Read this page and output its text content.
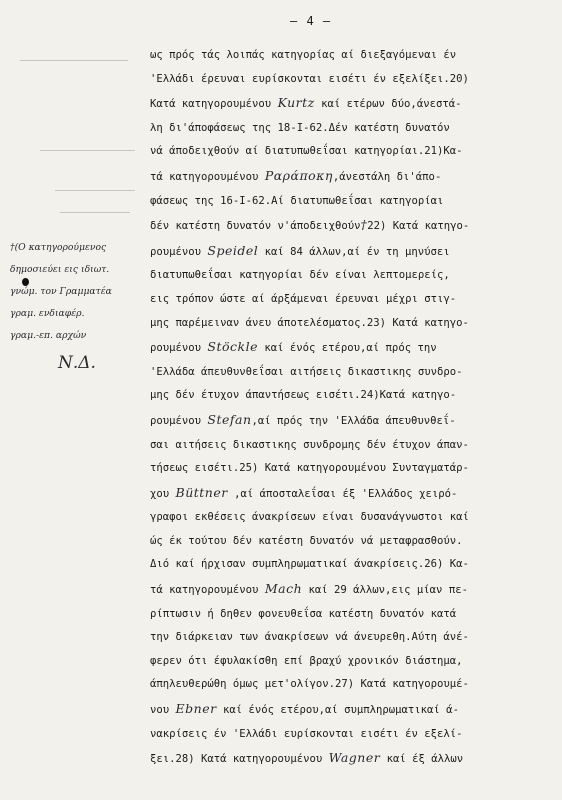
— 4 —
ως πρός τάς λοιπάς κατηγορίας αί διεξαγόμεναι έν
'Ελλάδι έρευναι ευρίσκονται εισέτι έν εξελίξει.20)
Κατά κατηγορουμένου Kurtz καί ετέρων δύο,άνεστά-
λη δι'άποφάσεως της 18-I-62.Δέν κατέστη δυνατόν
νά άποδειχθούν αί διατυπωθεΐσαι κατηγορίαι.21)Κα-
τά κατηγορουμένου Ραράποκη,άνεστάλη δι'άπο-
φάσεως της 16-I-62.Αί διατυπωθεΐσαι κατηγορίαι
δέν κατέστη δυνατόν ν'άποδειχθούν†22) Κατά κατηγο-
ρουμένου Speidel καί 84 άλλων,αί έν τη μηνύσει
διατυπωθεΐσαι κατηγορίαι δέν είναι λεπτομερείς,
εις τρόπον ώστε αί άρξάμεναι έρευναι μέχρι στιγ-
μης παρέμειναν άνευ άποτελέσματος.23) Κατά κατηγο-
ρουμένου Stöckle καί ένός ετέρου,αί πρός την
'Ελλάδα άπευθυνθεΐσαι αιτήσεις δικαστικης συνδρο-
μης δέν έτυχον άπαντήσεως εισέτι.24)Κατά κατηγο-
ρουμένου Stefan,αί πρός την 'Ελλάδα άπευθυνθεΐ-
σαι αιτήσεις δικαστικης συνδρομης δέν έτυχον άπαν-
τήσεως εισέτι.25) Κατά κατηγορουμένου Συνταγματάρ-
χου Büttner ,αί άποσταλεΐσαι έξ 'Ελλάδος χειρό-
γραφοι εκθέσεις άνακρίσεων είναι δυσανάγνωστοι καί
ώς έκ τούτου δέν κατέστη δυνατόν νά μεταφρασθούν.
Διό καί ήρχισαν συμπληρωματικαί άνακρίσεις.26) Κα-
τά κατηγορουμένου Mach καί 29 άλλων,εις μίαν πε-
ρίπτωσιν ή δηθεν φονευθεΐσα κατέστη δυνατόν κατά
την διάρκειαν των άνακρίσεων νά άνευρεθη.Αύτη άνέ-
φερεν ότι έφυλακίσθη επί βραχύ χρονικόν διάστημα,
άπηλευθερώθη όμως μετ'ολίγον.27) Κατά κατηγορουμέ-
νου Ebner καί ένός ετέρου,αί συμπληρωματικαί ά-
νακρίσεις έν 'Ελλάδι ευρίσκονται εισέτι έν εξελί-
ξει.28) Κατά κατηγορουμένου Wagner καί έξ άλλων
†(Ο κατηγορούμενος
δημοσιεύει εις ιδιωτ.
γνώμ. τον Γραμματέα
γραμ. ενδιαφέρ.
γραμ.-επ. αρχών
Ν.Δ.
